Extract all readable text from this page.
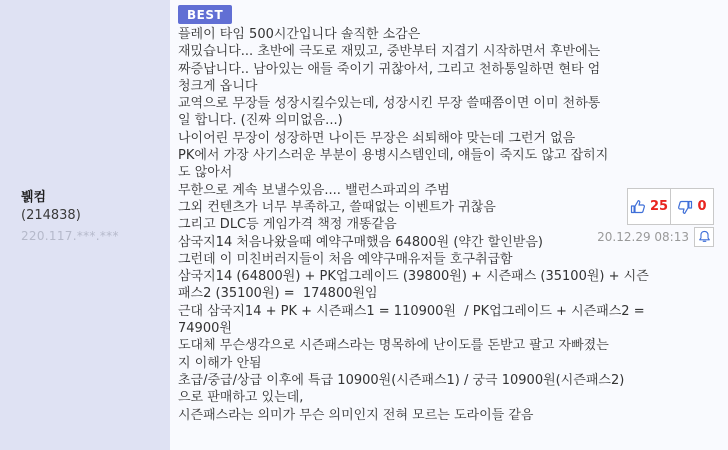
뷁컴
(214838)
220.117.***.***
BEST
플레이 타임 500시간입니다 솔직한 소감은
재밌습니다... 초반에 극도로 재밌고, 중반부터 지겹기 시작하면서 후반에는
짜증납니다.. 남아있는 애들 죽이기 귀찮아서, 그리고 천하통일하면 현타 엄
청크게 옵니다
교역으로 무장들 성장시킬수있는데, 성장시킨 무장 쓸때쯤이면 이미 천하통
일 합니다. (진짜 의미없음...)
나이어린 무장이 성장하면 나이든 무장은 쇠퇴해야 맞는데 그런거 없음
PK에서 가장 사기스러운 부분이 용병시스템인데, 얘들이 죽지도 않고 잡히지
도 않아서
무한으로 계속 보낼수있음.... 밸런스파괴의 주범
그외 컨텐츠가 너무 부족하고, 쓸때없는 이벤트가 귀찮음
그리고 DLC등 게임가격 책정 개똥같음
삼국지14 처음나왔을때 예약구매했음 64800원 (약간 할인받음)
그런데 이 미친버러지들이 처음 예약구매유저들 호구취급함
삼국지14 (64800원) + PK업그레이드 (39800원) + 시즌패스 (35100원) + 시즌
패스2 (35100원) =  174800원임
근대 삼국지14 + PK + 시즌패스1 = 110900원  / PK업그레이드 + 시즌패스2 =
74900원
도대체 무슨생각으로 시즌패스라는 명목하에 난이도를 돈받고 팔고 자빠졌는
지 이해가 안됨
초급/중급/상급 이후에 특급 10900원(시즌패스1) / 궁극 10900원(시즌패스2)
으로 판매하고 있는데,
시즌패스라는 의미가 무슨 의미인지 전혀 모르는 도라이들 같음
25 0
20.12.29 08:13
